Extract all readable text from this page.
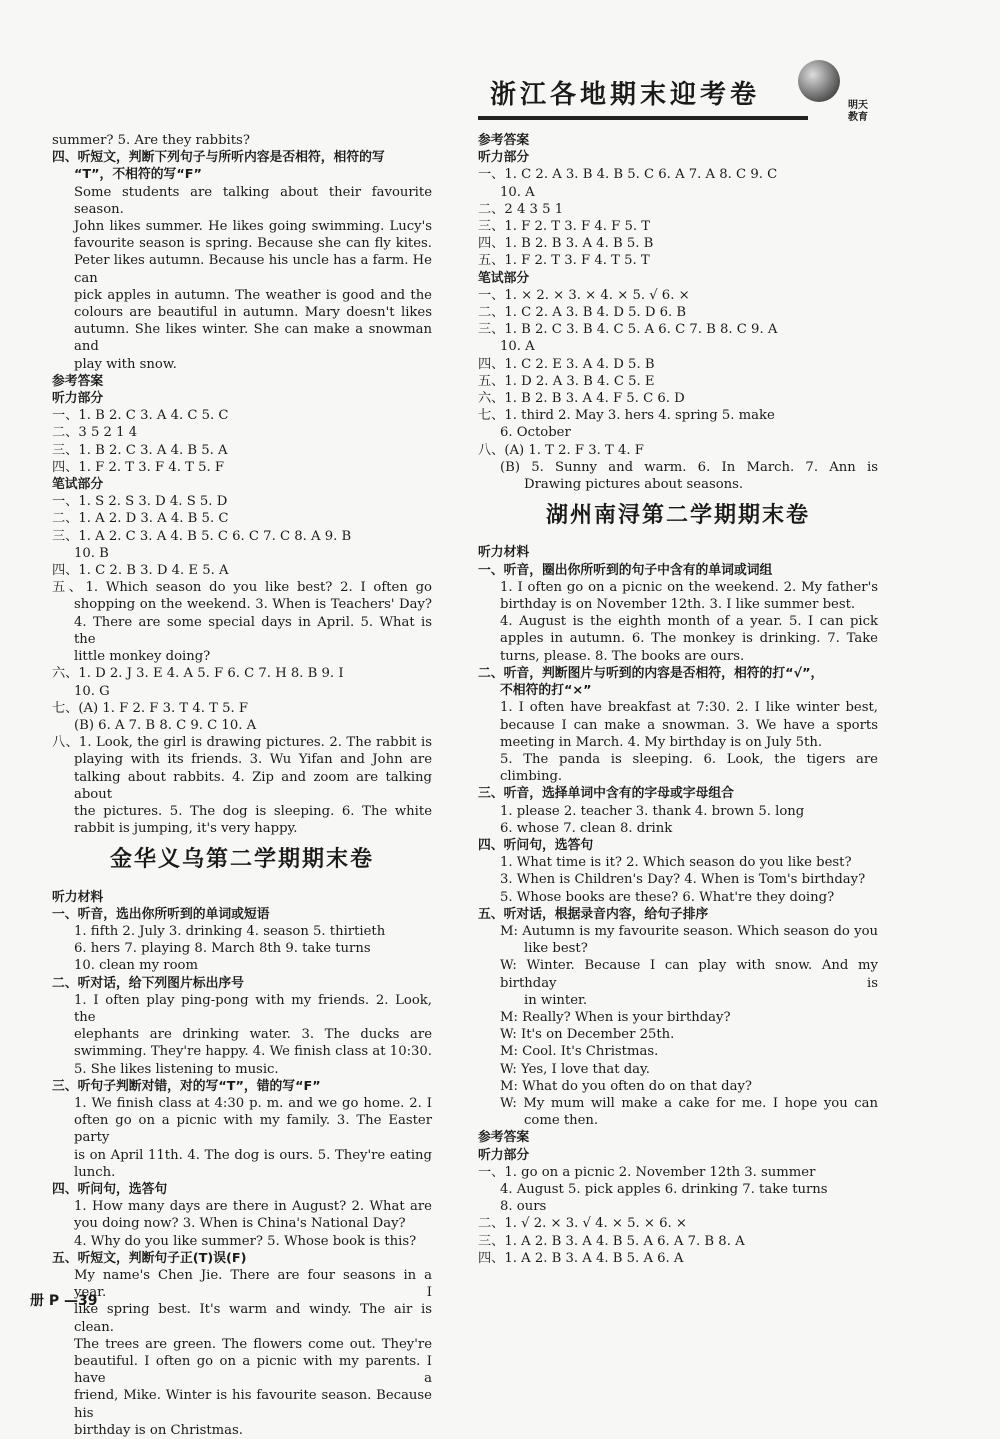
浙江各地期末迎考卷	明天
教育
summer? 5. Are they rabbits?
四、听短文，判断下列句子与所听内容是否相符，相符的写
“T”，不相符的写“F”
Some students are talking about their favourite season.
John likes summer. He likes going swimming. Lucy's
favourite season is spring. Because she can fly kites.
Peter likes autumn. Because his uncle has a farm. He can
pick apples in autumn. The weather is good and the
colours are beautiful in autumn. Mary doesn't likes
autumn. She likes winter. She can make a snowman and
play with snow.
参考答案
听力部分
一、1. B 2. C 3. A 4. C 5. C
二、3 5 2 1 4
三、1. B 2. C 3. A 4. B 5. A
四、1. F 2. T 3. F 4. T 5. F
笔试部分
一、1. S 2. S 3. D 4. S 5. D
二、1. A 2. D 3. A 4. B 5. C
三、1. A 2. C 3. A 4. B 5. C 6. C 7. C 8. A 9. B
10. B
四、1. C 2. B 3. D 4. E 5. A
五、1. Which season do you like best? 2. I often go
shopping on the weekend. 3. When is Teachers' Day?
4. There are some special days in April. 5. What is the
little monkey doing?
六、1. D 2. J 3. E 4. A 5. F 6. C 7. H 8. B 9. I
10. G
七、(A) 1. F 2. F 3. T 4. T 5. F
(B) 6. A 7. B 8. C 9. C 10. A
八、1. Look, the girl is drawing pictures. 2. The rabbit is
playing with its friends. 3. Wu Yifan and John are
talking about rabbits. 4. Zip and zoom are talking about
the pictures. 5. The dog is sleeping. 6. The white
rabbit is jumping, it's very happy.
金华义乌第二学期期末卷
听力材料
一、听音，选出你所听到的单词或短语
1. fifth 2. July 3. drinking 4. season 5. thirtieth
6. hers 7. playing 8. March 8th 9. take turns
10. clean my room
二、听对话，给下列图片标出序号
1. I often play ping-pong with my friends. 2. Look, the
elephants are drinking water. 3. The ducks are
swimming. They're happy. 4. We finish class at 10:30.
5. She likes listening to music.
三、听句子判断对错，对的写“T”，错的写“F”
1. We finish class at 4:30 p. m. and we go home. 2. I
often go on a picnic with my family. 3. The Easter party
is on April 11th. 4. The dog is ours. 5. They're eating
lunch.
四、听问句，选答句
1. How many days are there in August? 2. What are
you doing now? 3. When is China's National Day?
4. Why do you like summer? 5. Whose book is this?
五、听短文，判断句子正(T)误(F)
My name's Chen Jie. There are four seasons in a year. I
like spring best. It's warm and windy. The air is clean.
The trees are green. The flowers come out. They're
beautiful. I often go on a picnic with my parents. I have a
friend, Mike. Winter is his favourite season. Because his
birthday is on Christmas.
参考答案
听力部分
一、1. C 2. A 3. B 4. B 5. C 6. A 7. A 8. C 9. C
10. A
二、2 4 3 5 1
三、1. F 2. T 3. F 4. F 5. T
四、1. B 2. B 3. A 4. B 5. B
五、1. F 2. T 3. F 4. T 5. T
笔试部分
一、1. × 2. × 3. × 4. × 5. √ 6. ×
二、1. C 2. A 3. B 4. D 5. D 6. B
三、1. B 2. C 3. B 4. C 5. A 6. C 7. B 8. C 9. A
10. A
四、1. C 2. E 3. A 4. D 5. B
五、1. D 2. A 3. B 4. C 5. E
六、1. B 2. B 3. A 4. F 5. C 6. D
七、1. third 2. May 3. hers 4. spring 5. make
6. October
八、(A) 1. T 2. F 3. T 4. F
(B) 5. Sunny and warm. 6. In March. 7. Ann is
Drawing pictures about seasons.
湖州南浔第二学期期末卷
听力材料
一、听音，圈出你所听到的句子中含有的单词或词组
1. I often go on a picnic on the weekend. 2. My father's
birthday is on November 12th. 3. I like summer best.
4. August is the eighth month of a year. 5. I can pick
apples in autumn. 6. The monkey is drinking. 7. Take
turns, please. 8. The books are ours.
二、听音，判断图片与听到的内容是否相符，相符的打“√”，
不相符的打“×”
1. I often have breakfast at 7:30. 2. I like winter best,
because I can make a snowman. 3. We have a sports
meeting in March. 4. My birthday is on July 5th.
5. The panda is sleeping. 6. Look, the tigers are
climbing.
三、听音，选择单词中含有的字母或字母组合
1. please 2. teacher 3. thank 4. brown 5. long
6. whose 7. clean 8. drink
四、听问句，选答句
1. What time is it? 2. Which season do you like best?
3. When is Children's Day? 4. When is Tom's birthday?
5. Whose books are these? 6. What're they doing?
五、听对话，根据录音内容，给句子排序
M: Autumn is my favourite season. Which season do you
like best?
W: Winter. Because I can play with snow. And my birthday is
in winter.
M: Really? When is your birthday?
W: It's on December 25th.
M: Cool. It's Christmas.
W: Yes, I love that day.
M: What do you often do on that day?
W: My mum will make a cake for me. I hope you can
come then.
参考答案
听力部分
一、1. go on a picnic 2. November 12th 3. summer
4. August 5. pick apples 6. drinking 7. take turns
8. ours
二、1. √ 2. × 3. √ 4. × 5. × 6. ×
三、1. A 2. B 3. A 4. B 5. A 6. A 7. B 8. A
四、1. A 2. B 3. A 4. B 5. A 6. A
册 P —39
